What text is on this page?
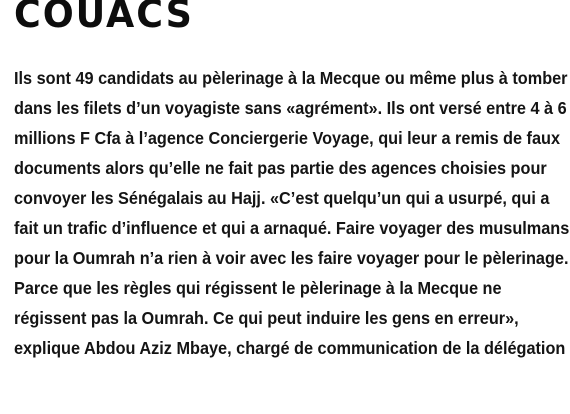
COUACS
Ils sont 49 candidats au pèlerinage à la Mecque ou même plus à tomber
dans les filets d’un voyagiste sans «agrément». Ils ont versé entre 4 à 6
millions F Cfa à l’agence Conciergerie Voyage, qui leur a remis de faux
documents alors qu’elle ne fait pas partie des agences choisies pour
convoyer les Sénégalais au Hajj. «C’est quelqu’un qui a usurpé, qui a
fait un trafic d’influence et qui a arnaqué. Faire voyager des musulmans
pour la Oumrah n’a rien à voir avec les faire voyager pour le pèlerinage.
Parce que les règles qui régissent le pèlerinage à la Mecque ne
régissent pas la Oumrah. Ce qui peut induire les gens en erreur»,
explique Abdou Aziz Mbaye, chargé de communication de la délégation
